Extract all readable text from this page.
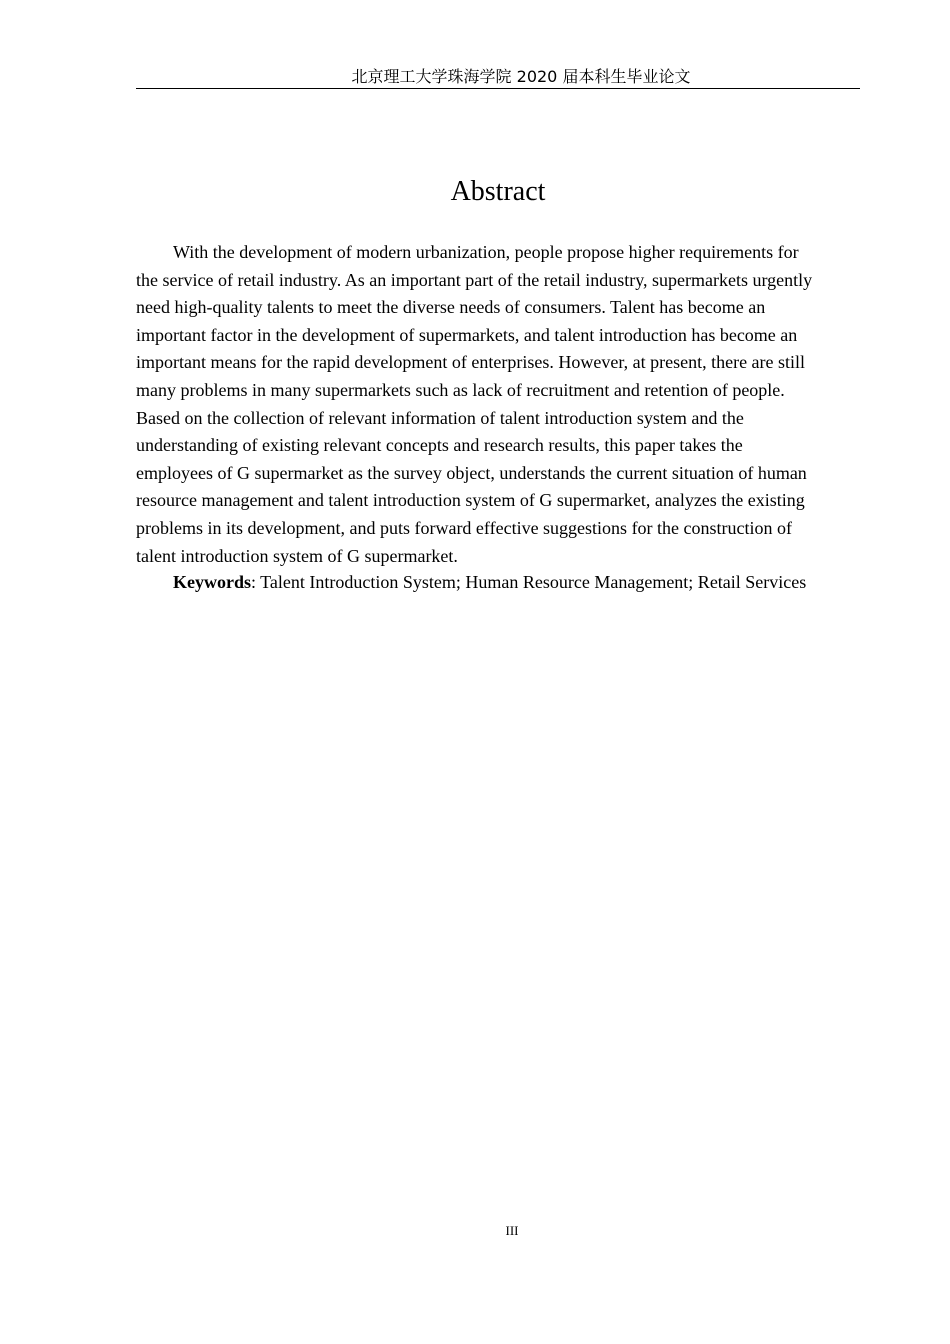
北京理工大学珠海学院 2020 届本科生毕业论文
Abstract

With the development of modern urbanization, people propose higher requirements for
the service of retail industry. As an important part of the retail industry, supermarkets urgently
need high-quality talents to meet the diverse needs of consumers. Talent has become an
important factor in the development of supermarkets, and talent introduction has become an
important means for the rapid development of enterprises. However, at present, there are still
many problems in many supermarkets such as lack of recruitment and retention of people.
Based on the collection of relevant information of talent introduction system and the
understanding of existing relevant concepts and research results, this paper takes the
employees of G supermarket as the survey object, understands the current situation of human
resource management and talent introduction system of G supermarket, analyzes the existing
problems in its development, and puts forward effective suggestions for the construction of
talent introduction system of G supermarket.

Keywords: Talent Introduction System; Human Resource Management; Retail Services

III
